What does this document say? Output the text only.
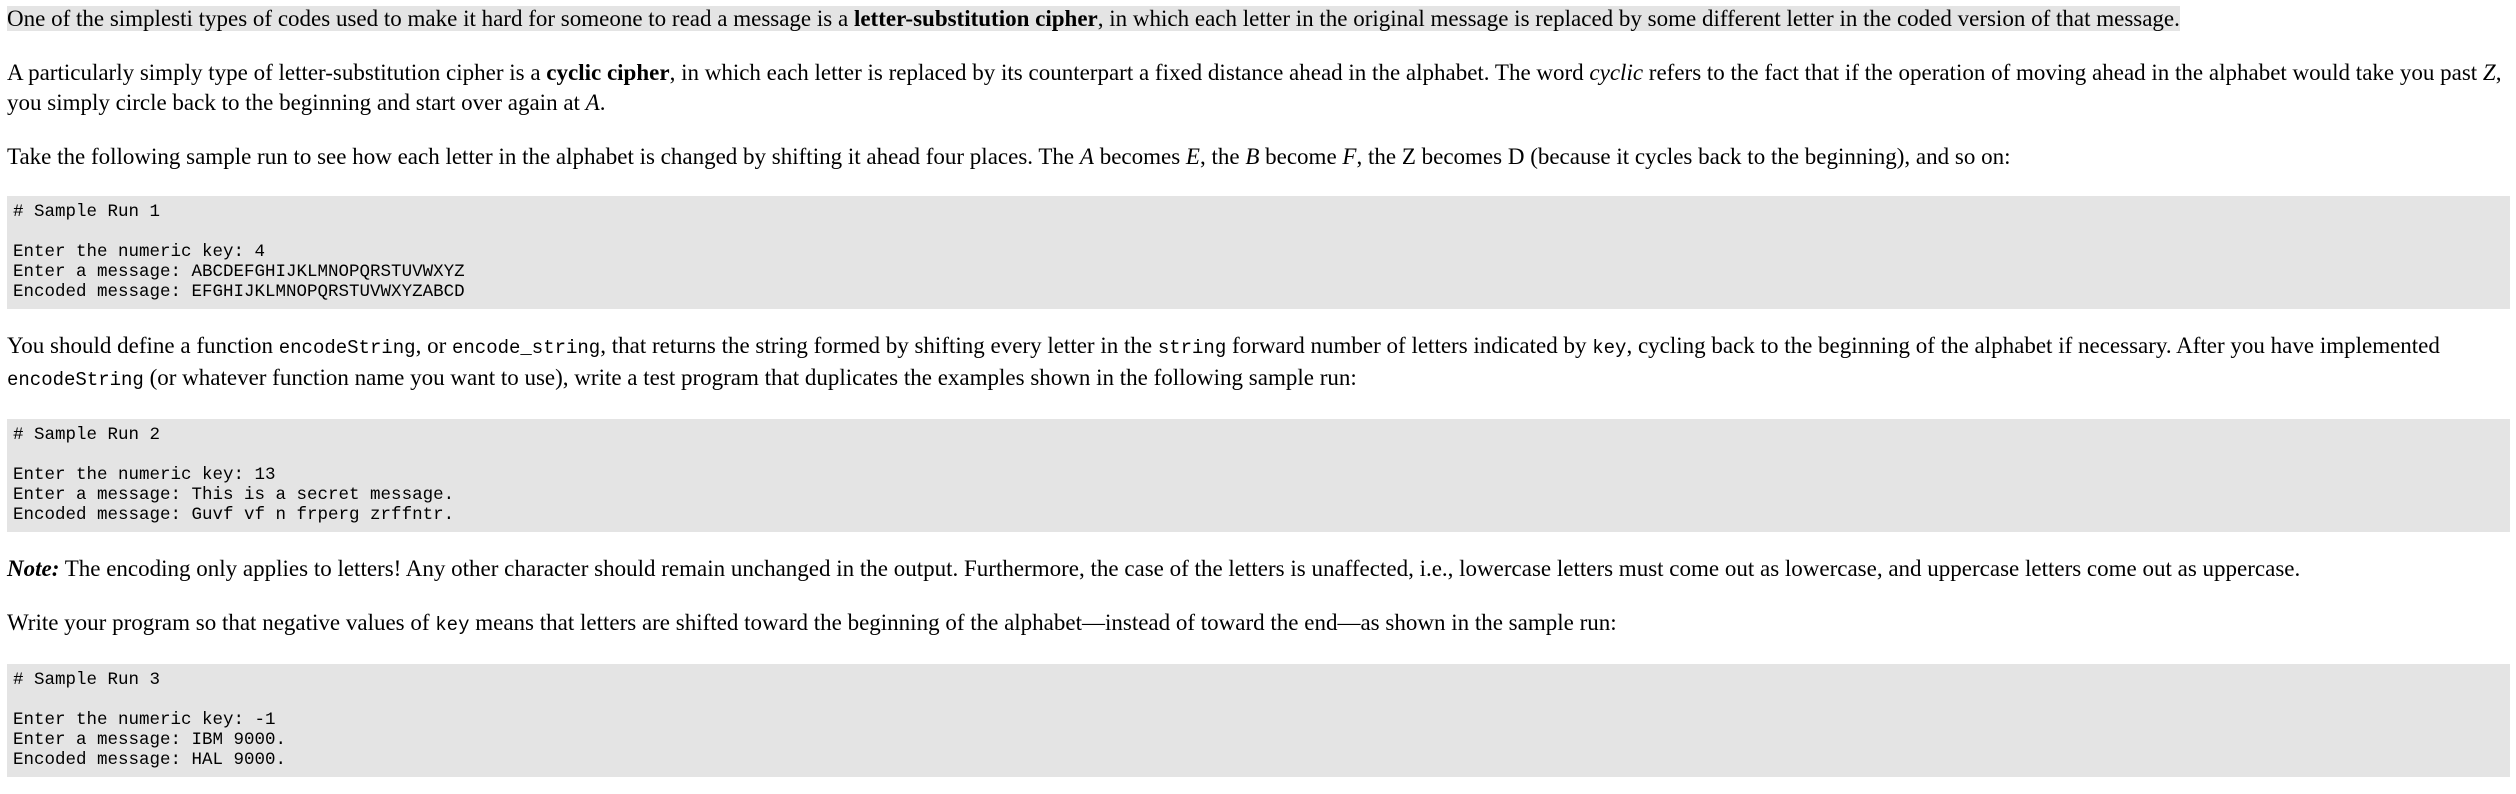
One of the simplesti types of codes used to make it hard for someone to read a message is a letter-substitution cipher, in which each letter in the original message is replaced by some different letter in the coded version of that message.

A particularly simply type of letter-substitution cipher is a cyclic cipher, in which each letter is replaced by its counterpart a fixed distance ahead in the alphabet. The word cyclic refers to the fact that if the operation of moving ahead in the alphabet would take you past Z, you simply circle back to the beginning and start over again at A.

Take the following sample run to see how each letter in the alphabet is changed by shifting it ahead four places. The A becomes E, the B become F, the Z becomes D (because it cycles back to the beginning), and so on:

# Sample Run 1
Enter the numeric key: 4
Enter a message: ABCDEFGHIJKLMNOPQRSTUVWXYZ
Encoded message: EFGHIJKLMNOPQRSTUVWXYZABCD

You should define a function encodeString, or encode_string, that returns the string formed by shifting every letter in the string forward number of letters indicated by key, cycling back to the beginning of the alphabet if necessary. After you have implemented encodeString (or whatever function name you want to use), write a test program that duplicates the examples shown in the following sample run:

# Sample Run 2
Enter the numeric key: 13
Enter a message: This is a secret message.
Encoded message: Guvf vf n frperg zrffntr.

Note: The encoding only applies to letters! Any other character should remain unchanged in the output. Furthermore, the case of the letters is unaffected, i.e., lowercase letters must come out as lowercase, and uppercase letters come out as uppercase.

Write your program so that negative values of key means that letters are shifted toward the beginning of the alphabet—instead of toward the end—as shown in the sample run:

# Sample Run 3
Enter the numeric key: -1
Enter a message: IBM 9000.
Encoded message: HAL 9000.
